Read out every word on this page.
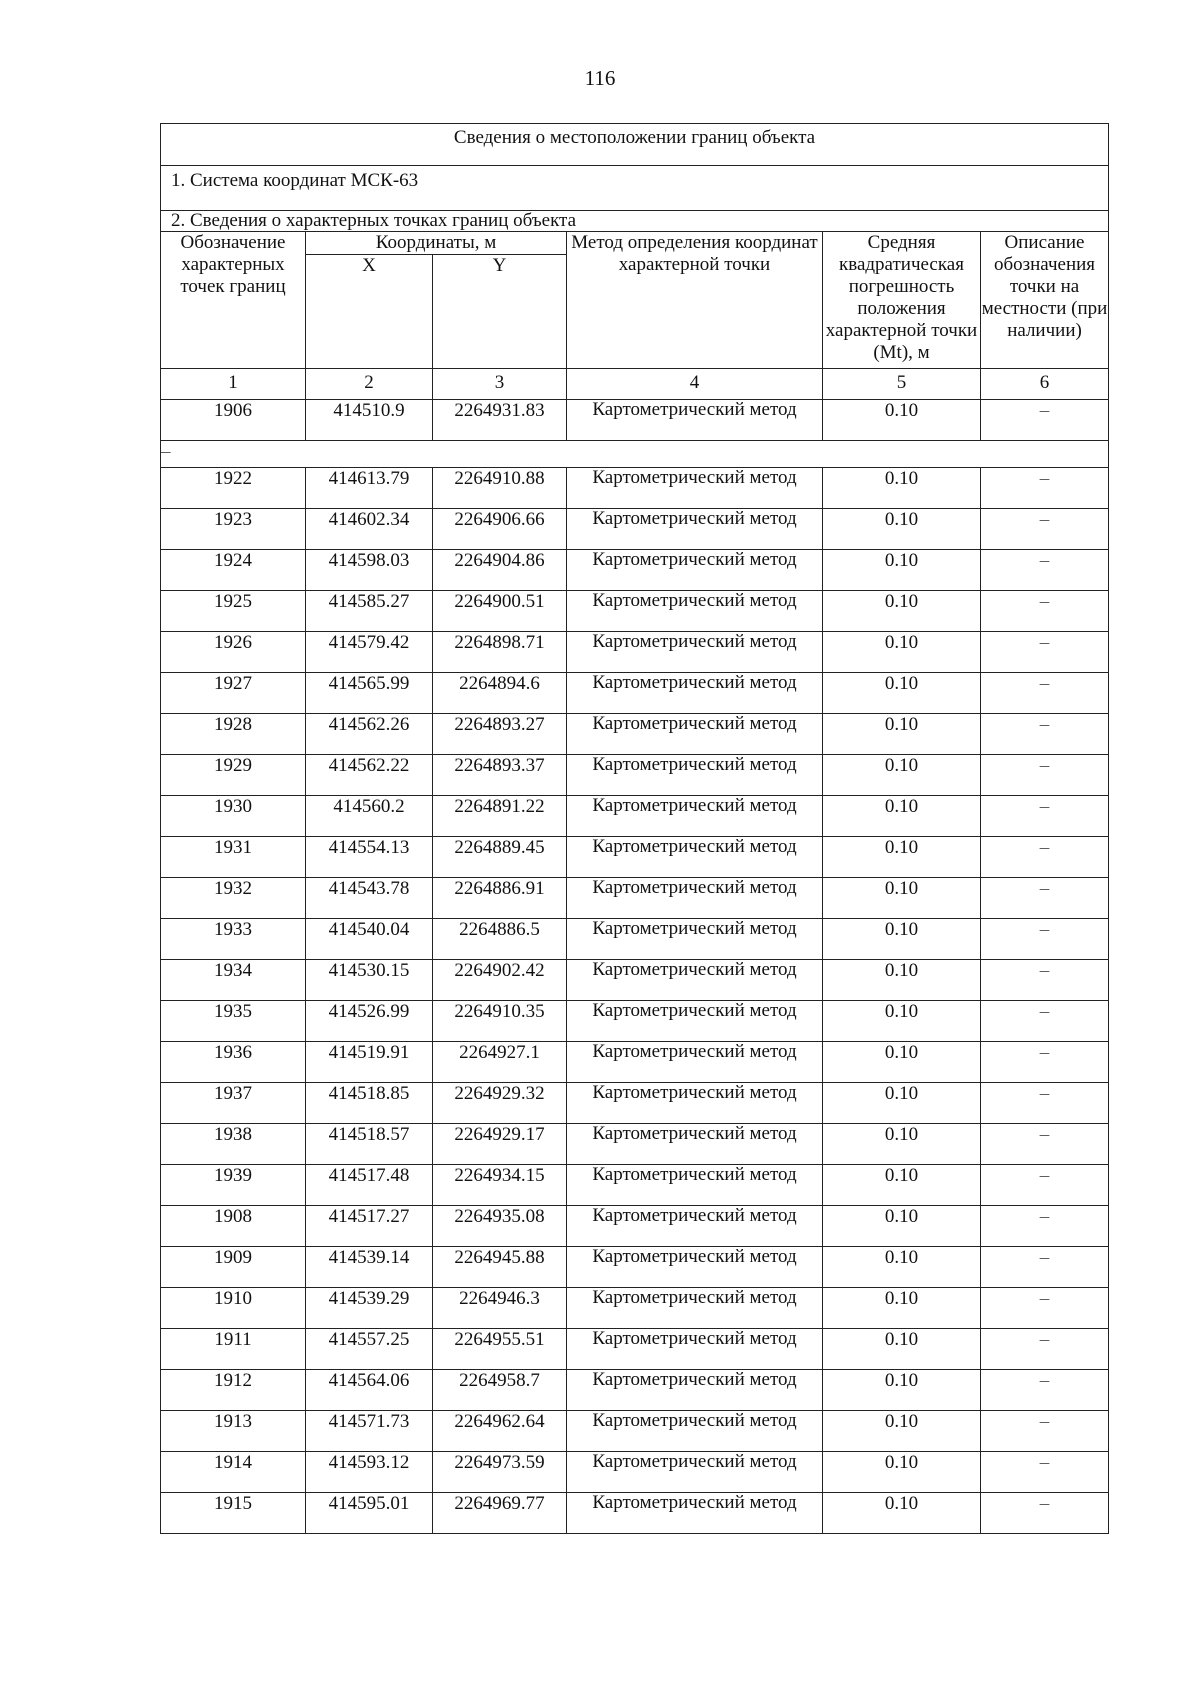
116
Сведения о местоположении границ объекта					
1. Система координат МСК-63					
2. Сведения о характерных точках границ объекта					
Обозначение характерных точек границ	Координаты, м		Метод определения координат характерной точки	Средняя квадратическая погрешность положения характерной точки (Mt), м	Описание обозначения точки на местности (при наличии)
	X	Y			
1	2	3	4	5	6
1906	414510.9	2264931.83	Картометрический метод	0.10	–
–					
1922	414613.79	2264910.88	Картометрический метод	0.10	–
1923	414602.34	2264906.66	Картометрический метод	0.10	–
1924	414598.03	2264904.86	Картометрический метод	0.10	–
1925	414585.27	2264900.51	Картометрический метод	0.10	–
1926	414579.42	2264898.71	Картометрический метод	0.10	–
1927	414565.99	2264894.6	Картометрический метод	0.10	–
1928	414562.26	2264893.27	Картометрический метод	0.10	–
1929	414562.22	2264893.37	Картометрический метод	0.10	–
1930	414560.2	2264891.22	Картометрический метод	0.10	–
1931	414554.13	2264889.45	Картометрический метод	0.10	–
1932	414543.78	2264886.91	Картометрический метод	0.10	–
1933	414540.04	2264886.5	Картометрический метод	0.10	–
1934	414530.15	2264902.42	Картометрический метод	0.10	–
1935	414526.99	2264910.35	Картометрический метод	0.10	–
1936	414519.91	2264927.1	Картометрический метод	0.10	–
1937	414518.85	2264929.32	Картометрический метод	0.10	–
1938	414518.57	2264929.17	Картометрический метод	0.10	–
1939	414517.48	2264934.15	Картометрический метод	0.10	–
1908	414517.27	2264935.08	Картометрический метод	0.10	–
1909	414539.14	2264945.88	Картометрический метод	0.10	–
1910	414539.29	2264946.3	Картометрический метод	0.10	–
1911	414557.25	2264955.51	Картометрический метод	0.10	–
1912	414564.06	2264958.7	Картометрический метод	0.10	–
1913	414571.73	2264962.64	Картометрический метод	0.10	–
1914	414593.12	2264973.59	Картометрический метод	0.10	–
1915	414595.01	2264969.77	Картометрический метод	0.10	–
